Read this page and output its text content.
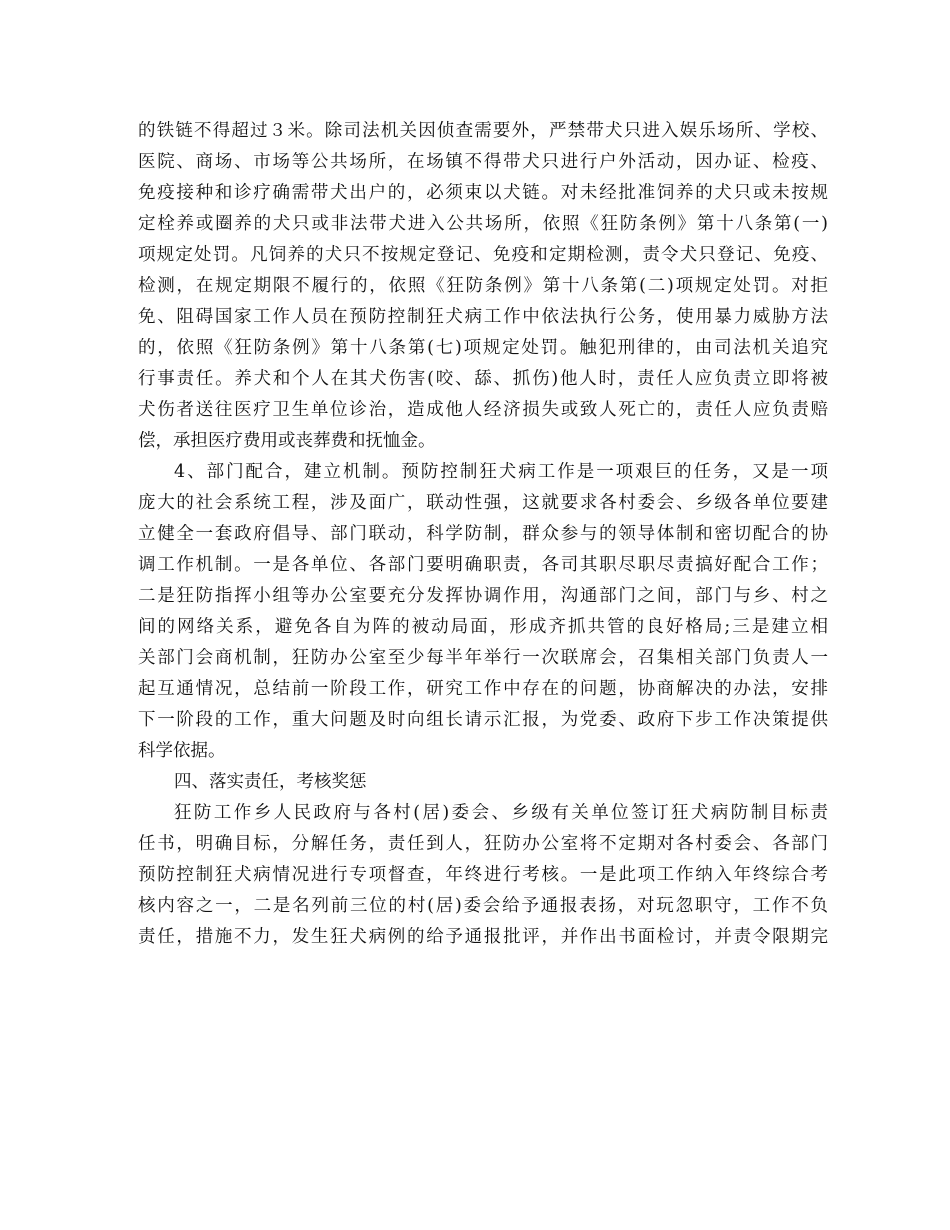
的铁链不得超过３米。除司法机关因侦查需要外，严禁带犬只进入娱乐场所、学校、
医院、商场、市场等公共场所，在场镇不得带犬只进行户外活动，因办证、检疫、
免疫接种和诊疗确需带犬出户的，必须束以犬链。对未经批准饲养的犬只或未按规
定栓养或圈养的犬只或非法带犬进入公共场所，依照《狂防条例》第十八条第(一)
项规定处罚。凡饲养的犬只不按规定登记、免疫和定期检测，责令犬只登记、免疫、
检测，在规定期限不履行的，依照《狂防条例》第十八条第(二)项规定处罚。对拒
免、阻碍国家工作人员在预防控制狂犬病工作中依法执行公务，使用暴力威胁方法
的，依照《狂防条例》第十八条第(七)项规定处罚。触犯刑律的，由司法机关追究
行事责任。养犬和个人在其犬伤害(咬、舔、抓伤)他人时，责任人应负责立即将被
犬伤者送往医疗卫生单位诊治，造成他人经济损失或致人死亡的，责任人应负责赔
偿，承担医疗费用或丧葬费和抚恤金。
4、部门配合，建立机制。预防控制狂犬病工作是一项艰巨的任务，又是一项
庞大的社会系统工程，涉及面广，联动性强，这就要求各村委会、乡级各单位要建
立健全一套政府倡导、部门联动，科学防制，群众参与的领导体制和密切配合的协
调工作机制。一是各单位、各部门要明确职责，各司其职尽职尽责搞好配合工作；
二是狂防指挥小组等办公室要充分发挥协调作用，沟通部门之间，部门与乡、村之
间的网络关系，避免各自为阵的被动局面，形成齐抓共管的良好格局;三是建立相
关部门会商机制，狂防办公室至少每半年举行一次联席会，召集相关部门负责人一
起互通情况，总结前一阶段工作，研究工作中存在的问题，协商解决的办法，安排
下一阶段的工作，重大问题及时向组长请示汇报，为党委、政府下步工作决策提供
科学依据。
四、落实责任，考核奖惩
狂防工作乡人民政府与各村(居)委会、乡级有关单位签订狂犬病防制目标责
任书，明确目标，分解任务，责任到人，狂防办公室将不定期对各村委会、各部门
预防控制狂犬病情况进行专项督查，年终进行考核。一是此项工作纳入年终综合考
核内容之一，二是名列前三位的村(居)委会给予通报表扬，对玩忽职守，工作不负
责任，措施不力，发生狂犬病例的给予通报批评，并作出书面检讨，并责令限期完
